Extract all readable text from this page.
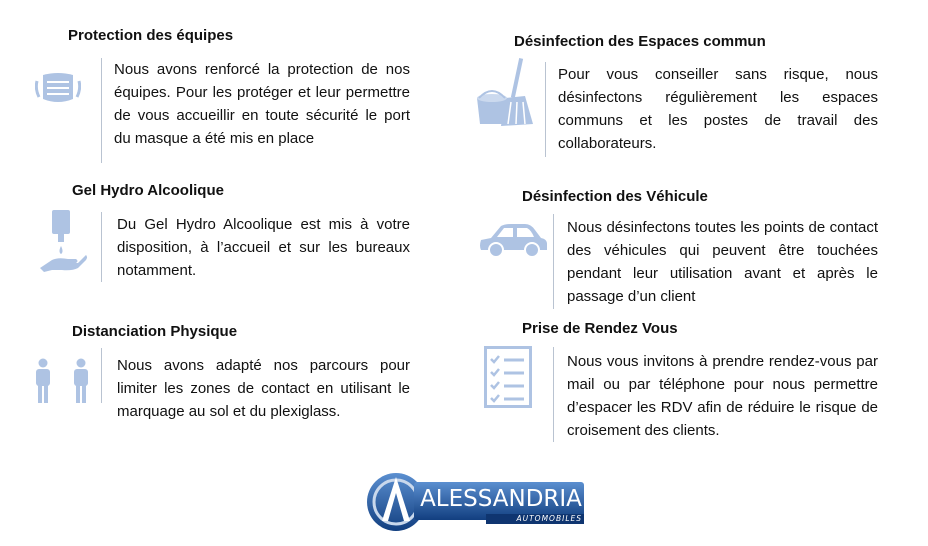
Protection des équipes
Nous avons renforcé la protection de nos équipes. Pour les protéger et leur permettre de vous accueillir en toute sécurité le port du masque a été mis en place
Gel Hydro Alcoolique
Du Gel Hydro Alcoolique est mis à votre disposition, à l’accueil et sur les bureaux notamment.
Distanciation Physique
Nous avons adapté nos parcours pour limiter les zones de contact en utilisant le marquage au sol et du plexiglass.
Désinfection des Espaces commun
Pour vous conseiller sans risque, nous désinfectons régulièrement les espaces communs et les postes de travail des collaborateurs.
Désinfection des Véhicule
Nous désinfectons toutes les points de contact des véhicules qui peuvent être touchées pendant leur utilisation avant et après le passage d’un client
Prise de Rendez Vous
Nous vous invitons à prendre rendez-vous par mail ou par téléphone pour nous permettre d’espacer les RDV afin de réduire le risque de croisement des clients.
ALESSANDRIA
AUTOMOBILES
